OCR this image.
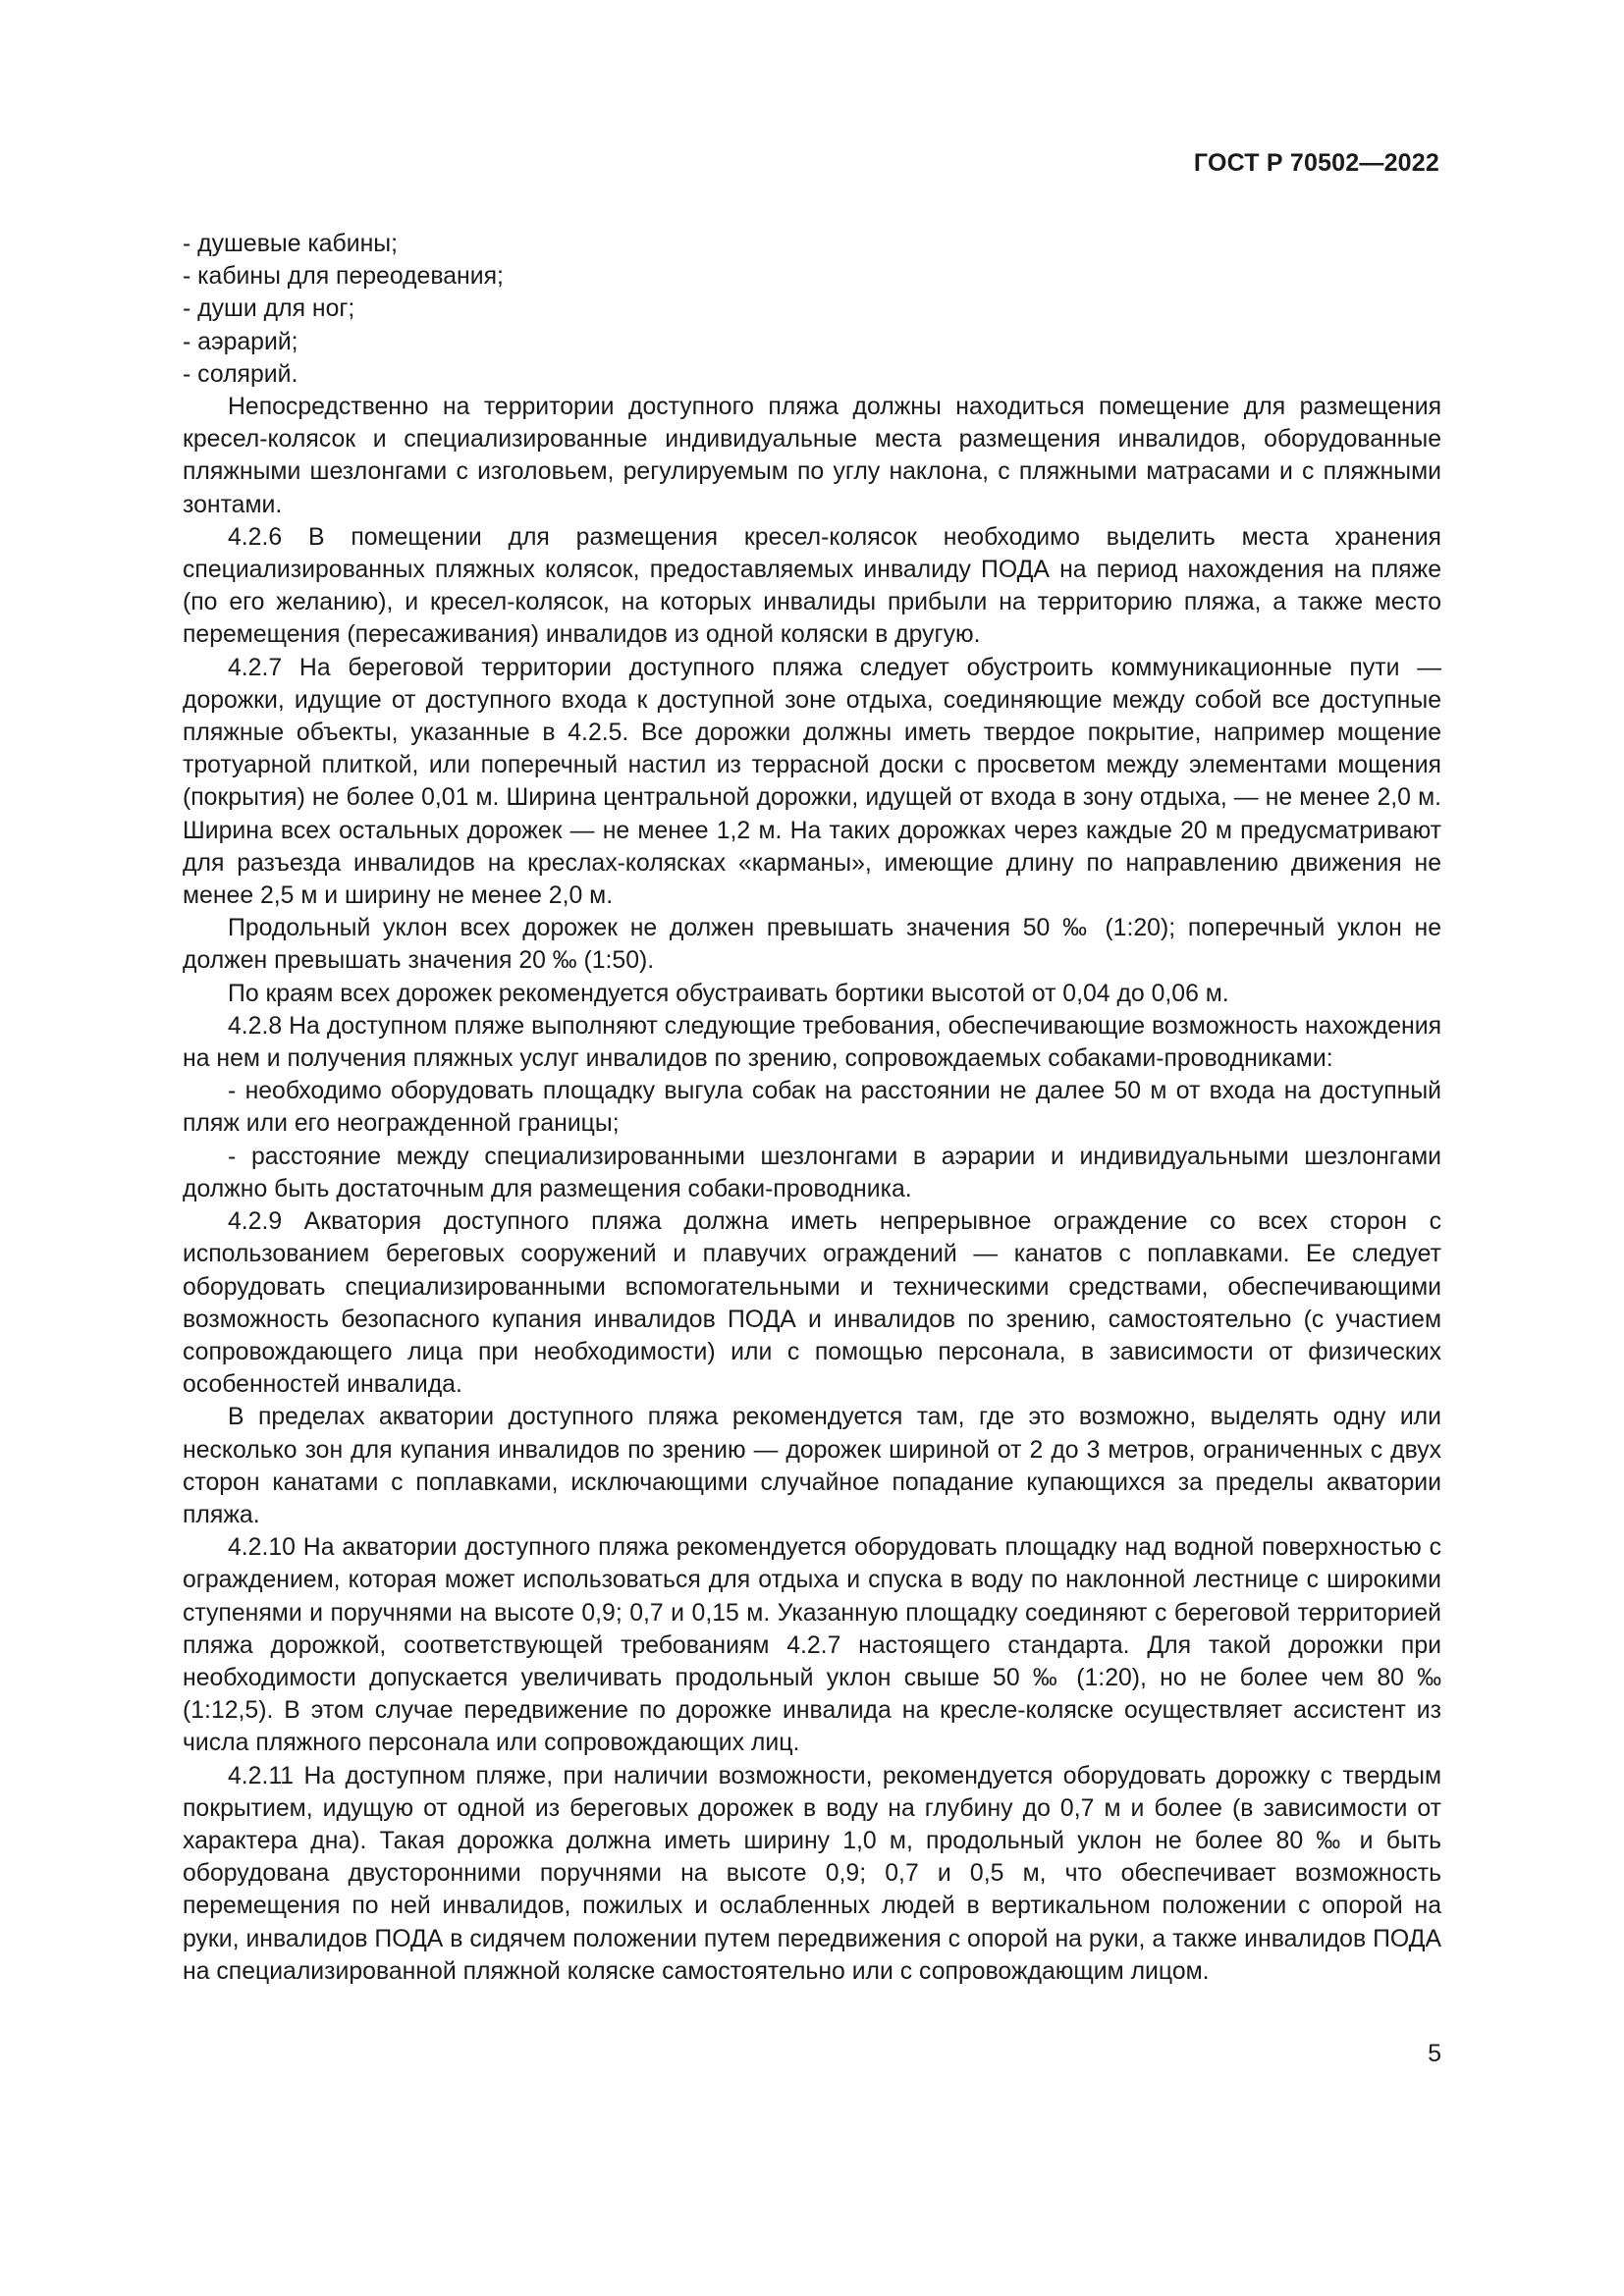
ГОСТ Р 70502—2022

- душевые кабины;

- кабины для переодевания;

- души для ног;

- аэрарий;

- солярий.

Непосредственно на территории доступного пляжа должны находиться помещение для размещения кресел-колясок и специализированные индивидуальные места размещения инвалидов, оборудованные пляжными шезлонгами с изголовьем, регулируемым по углу наклона, с пляжными матрасами и с пляжными зонтами.

4.2.6 В помещении для размещения кресел-колясок необходимо выделить места хранения специализированных пляжных колясок, предоставляемых инвалиду ПОДА на период нахождения на пляже (по его желанию), и кресел-колясок, на которых инвалиды прибыли на территорию пляжа, а также место перемещения (пересаживания) инвалидов из одной коляски в другую.

4.2.7 На береговой территории доступного пляжа следует обустроить коммуникационные пути — дорожки, идущие от доступного входа к доступной зоне отдыха, соединяющие между собой все доступные пляжные объекты, указанные в 4.2.5. Все дорожки должны иметь твердое покрытие, например мощение тротуарной плиткой, или поперечный настил из террасной доски с просветом между элементами мощения (покрытия) не более 0,01 м. Ширина центральной дорожки, идущей от входа в зону отдыха, — не менее 2,0 м. Ширина всех остальных дорожек — не менее 1,2 м. На таких дорожках через каждые 20 м предусматривают для разъезда инвалидов на креслах-колясках «карманы», имеющие длину по направлению движения не менее 2,5 м и ширину не менее 2,0 м.

Продольный уклон всех дорожек не должен превышать значения 50 ‰ (1:20); поперечный уклон не должен превышать значения 20 ‰ (1:50).

По краям всех дорожек рекомендуется обустраивать бортики высотой от 0,04 до 0,06 м.

4.2.8 На доступном пляже выполняют следующие требования, обеспечивающие возможность нахождения на нем и получения пляжных услуг инвалидов по зрению, сопровождаемых собаками-проводниками:

- необходимо оборудовать площадку выгула собак на расстоянии не далее 50 м от входа на доступный пляж или его неогражденной границы;

- расстояние между специализированными шезлонгами в аэрарии и индивидуальными шезлонгами должно быть достаточным для размещения собаки-проводника.

4.2.9 Акватория доступного пляжа должна иметь непрерывное ограждение со всех сторон с использованием береговых сооружений и плавучих ограждений — канатов с поплавками. Ее следует оборудовать специализированными вспомогательными и техническими средствами, обеспечивающими возможность безопасного купания инвалидов ПОДА и инвалидов по зрению, самостоятельно (с участием сопровождающего лица при необходимости) или с помощью персонала, в зависимости от физических особенностей инвалида.

В пределах акватории доступного пляжа рекомендуется там, где это возможно, выделять одну или несколько зон для купания инвалидов по зрению — дорожек шириной от 2 до 3 метров, ограниченных с двух сторон канатами с поплавками, исключающими случайное попадание купающихся за пределы акватории пляжа.

4.2.10 На акватории доступного пляжа рекомендуется оборудовать площадку над водной поверхностью с ограждением, которая может использоваться для отдыха и спуска в воду по наклонной лестнице с широкими ступенями и поручнями на высоте 0,9; 0,7 и 0,15 м. Указанную площадку соединяют с береговой территорией пляжа дорожкой, соответствующей требованиям 4.2.7 настоящего стандарта. Для такой дорожки при необходимости допускается увеличивать продольный уклон свыше 50 ‰ (1:20), но не более чем 80 ‰ (1:12,5). В этом случае передвижение по дорожке инвалида на кресле-коляске осуществляет ассистент из числа пляжного персонала или сопровождающих лиц.

4.2.11 На доступном пляже, при наличии возможности, рекомендуется оборудовать дорожку с твердым покрытием, идущую от одной из береговых дорожек в воду на глубину до 0,7 м и более (в зависимости от характера дна). Такая дорожка должна иметь ширину 1,0 м, продольный уклон не более 80 ‰ и быть оборудована двусторонними поручнями на высоте 0,9; 0,7 и 0,5 м, что обеспечивает возможность перемещения по ней инвалидов, пожилых и ослабленных людей в вертикальном положении с опорой на руки, инвалидов ПОДА в сидячем положении путем передвижения с опорой на руки, а также инвалидов ПОДА на специализированной пляжной коляске самостоятельно или с сопровождающим лицом.

5
